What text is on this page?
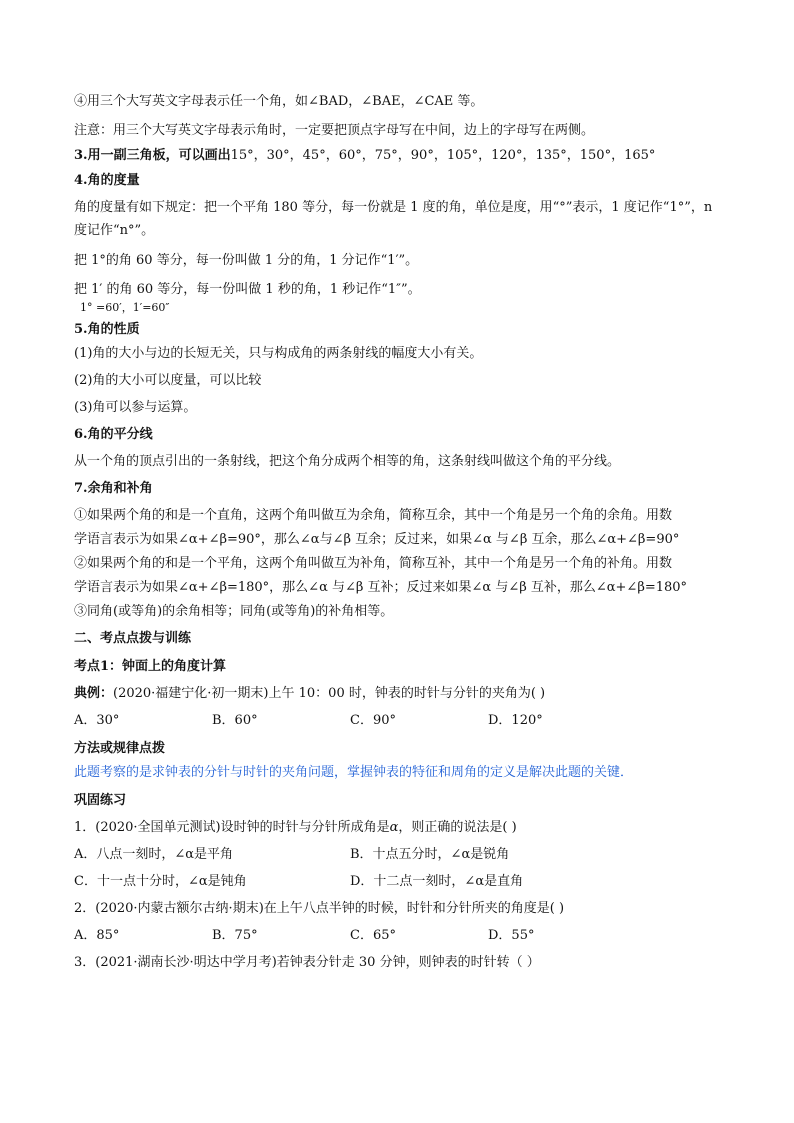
④用三个大写英文字母表示任一个角，如∠BAD，∠BAE，∠CAE 等。

注意：用三个大写英文字母表示角时，一定要把顶点字母写在中间，边上的字母写在两侧。

3.用一副三角板，可以画出15°，30°，45°，60°，75°，90°，105°，120°，135°，150°，165°

4.角的度量

角的度量有如下规定：把一个平角 180 等分，每一份就是 1 度的角，单位是度，用“°”表示，1 度记作“1°”，n

度记作“n°”。

把 1°的角 60 等分，每一份叫做 1 分的角，1 分记作“1′”。

把 1′ 的角 60 等分，每一份叫做 1 秒的角，1 秒记作“1″”。

1° =60′，1′=60″

5.角的性质

(1)角的大小与边的长短无关，只与构成角的两条射线的幅度大小有关。

(2)角的大小可以度量，可以比较

(3)角可以参与运算。

6.角的平分线

从一个角的顶点引出的一条射线，把这个角分成两个相等的角，这条射线叫做这个角的平分线。

7.余角和补角

①如果两个角的和是一个直角，这两个角叫做互为余角，简称互余，其中一个角是另一个角的余角。用数

学语言表示为如果∠α+∠β=90°，那么∠α与∠β 互余；反过来，如果∠α 与∠β 互余，那么∠α+∠β=90°

②如果两个角的和是一个平角，这两个角叫做互为补角，简称互补，其中一个角是另一个角的补角。用数

学语言表示为如果∠α+∠β=180°，那么∠α 与∠β 互补；反过来如果∠α 与∠β 互补，那么∠α+∠β=180°

③同角(或等角)的余角相等；同角(或等角)的补角相等。

二、考点点拨与训练

考点1：钟面上的角度计算

典例：(2020·福建宁化·初一期末)上午 10：00 时，钟表的时针与分针的夹角为( )

A．30°	B．60°	C．90°	D．120°

方法或规律点拨

此题考察的是求钟表的分针与时针的夹角问题，掌握钟表的特征和周角的定义是解决此题的关键．

巩固练习

1．(2020·全国单元测试)设时钟的时针与分针所成角是α，则正确的说法是( )

A．八点一刻时，∠α是平角	B．十点五分时，∠α是锐角
C．十一点十分时，∠α是钝角	D．十二点一刻时，∠α是直角

2．(2020·内蒙古额尔古纳·期末)在上午八点半钟的时候，时针和分针所夹的角度是( )

A．85°	B．75°	C．65°	D．55°

3．(2021·湖南长沙·明达中学月考)若钟表分针走 30 分钟，则钟表的时针转（ ）
